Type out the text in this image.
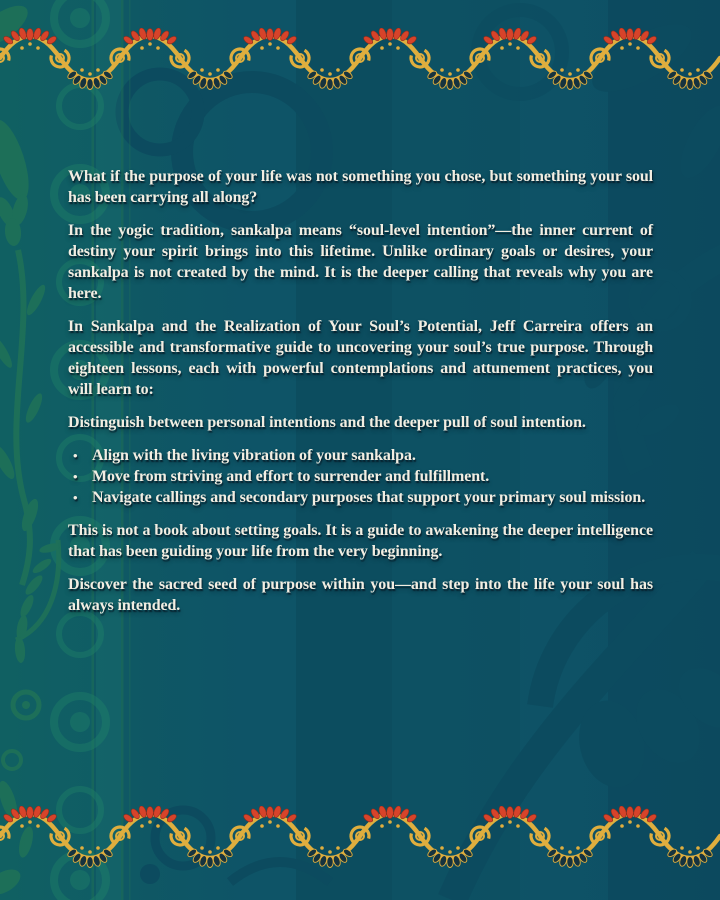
What if the purpose of your life was not something you chose, but something your soul has been carrying all along?

In the yogic tradition, sankalpa means “soul-level intention”—the inner current of destiny your spirit brings into this lifetime. Unlike ordinary goals or desires, your sankalpa is not created by the mind. It is the deeper calling that reveals why you are here.

In Sankalpa and the Realization of Your Soul’s Potential, Jeff Carreira offers an accessible and transformative guide to uncovering your soul’s true purpose. Through eighteen lessons, each with powerful contemplations and attunement practices, you will learn to:

Distinguish between personal intentions and the deeper pull of soul intention.

• Align with the living vibration of your sankalpa.
• Move from striving and effort to surrender and fulfillment.
• Navigate callings and secondary purposes that support your primary soul mission.

This is not a book about setting goals. It is a guide to awakening the deeper intelligence that has been guiding your life from the very beginning.

Discover the sacred seed of purpose within you—and step into the life your soul has always intended.
